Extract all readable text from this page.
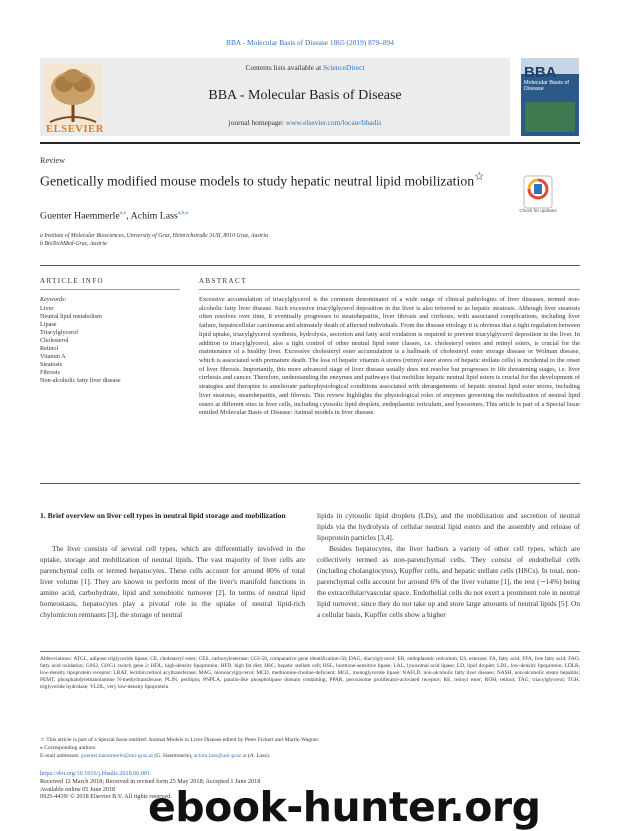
BBA - Molecular Basis of Disease 1865 (2019) 879–894
ELSEVIER
Contents lists available at ScienceDirect
BBA - Molecular Basis of Disease
journal homepage: www.elsevier.com/locate/bbadis
BBA
Molecular Basis of Disease
Review
Genetically modified mouse models to study hepatic neutral lipid mobilization☆
Check for updates
Guenter Haemmerle$^{a,⁎}$, Achim Lass$^{a,b,⁎}$
a Institute of Molecular Biosciences, University of Graz, Heinrichstraße 31/II, 8010 Graz, Austria
b BioTechMed-Graz, Austria
ARTICLE INFO	ABSTRACT
Keywords:
Liver
Neutral lipid metabolism
Lipase
Triacylglycerol
Cholesterol
Retinol
Vitamin A
Steatosis
Fibrosis
Non-alcoholic fatty liver disease
Excessive accumulation of triacylglycerol is the common denominator of a wide range of clinical pathologies of liver diseases, termed non-alcoholic fatty liver disease. Such excessive triacylglycerol deposition in the liver is also referred to as hepatic steatosis. Although liver steatosis often resolves over time, it eventually progresses to steatohepatitis, liver fibrosis and cirrhosis, with associated complications, including liver failure, hepatocellular carcinoma and ultimately death of affected individuals. From the disease etiology it is obvious that a tight regulation between lipid uptake, triacylglycerol synthesis, hydrolysis, secretion and fatty acid oxidation is required to prevent triacylglycerol deposition in the liver. In addition to triacylglycerol, also a tight control of other neutral lipid ester classes, i.e. cholesteryl esters and retinyl esters, is crucial for the maintenance of a healthy liver. Excessive cholesteryl ester accumulation is a hallmark of cholesteryl ester storage disease or Wolman disease, which is associated with premature death. The loss of hepatic vitamin A stores (retinyl ester stores of hepatic stellate cells) is incidental to the onset of liver fibrosis. Importantly, this more advanced stage of liver disease usually does not resolve but progresses to life threatening stages, i.e. liver cirrhosis and cancer. Therefore, understanding the enzymes and pathways that mobilize hepatic neutral lipid esters is crucial for the development of strategies and therapies to ameliorate pathophysiological conditions associated with derangements of hepatic neutral lipid ester stores, including liver steatosis, steatohepatitis, and fibrosis. This review highlights the physiological roles of enzymes governing the mobilization of neutral lipid esters at different sites in liver cells, including cytosolic lipid droplets, endoplasmic reticulum, and lysosomes. This article is part of a Special Issue entitled Molecular Basis of Disease: Animal models in liver disease.
1. Brief overview on liver cell types in neutral lipid storage and mobilization

The liver consists of several cell types, which are differentially involved in the uptake, storage and mobilization of neutral lipids. The vast majority of liver cells are parenchymal cells or termed hepatocytes. These cells account for around 80% of total liver volume [1]. They are known to perform most of the liver's manifold functions in amino acid, carbohydrate, lipid and xenobiotic turnover [2]. In terms of neutral lipid homeostasis, hepatocytes play a pivotal role in the uptake of neutral lipid-rich chylomicron remnants [3], the storage of neutral

lipids in cytosolic lipid droplets (LDs), and the mobilization and secretion of neutral lipids via the hydrolysis of cellular neutral lipid esters and the assembly and release of lipoprotein particles [3,4].

Besides hepatocytes, the liver harbors a variety of other cell types, which are collectively termed as non-parenchymal cells. They consist of endothelial cells (including cholangiocytes), Kupffer cells, and hepatic stellate cells (HSCs). In total, non-parenchymal cells account for around 6% of the liver volume [1], the rest (∼14%) being the extracellular/vascular space. Endothelial cells do not exert a prominent role in neutral lipid turnover, since they do not take up and store large amounts of neutral lipids [5]. On a cellular basis, Kupffer cells show a higher

Abbreviations: ATGL, adipose triglyceride lipase; CE, cholesteryl ester; CES, carboxylesterase; CGI-58, comparative gene identification-58; DAG, diacylglycerol; ER, endoplasmic reticulum; ES, esterase; FA, fatty acid; FFA, free fatty acid; FAO, fatty acid oxidation; G0S2, G0/G1 switch gene 2; HDL, high-density lipoprotein; HFD, high fat diet; HSC, hepatic stellate cell; HSL, hormone-sensitive lipase; LAL, lysosomal acid lipase; LD, lipid droplet; LDL, low-density lipoprotein; LDLR, low-density lipoprotein receptor; LRAT, lecithin:retinol acyltransferase; MAG, monoacylglycerol; MCD, methionine-choline-deficient; MGL, monoglyceride lipase; NAFLD, non-alcoholic fatty liver disease; NASH, non-alcoholic steato hepatitis; PEMT, phosphatidylethanolamine N-methyltransferase; PLIN, perilipin; PNPLA, patatin-like phospholipase domain containing; PPAR, peroxisome proliferator-activated receptor; RE, retinyl ester; ROH, retinol; TAG, triacylglycerol; TGH, triglyceride hydrolase; VLDL, very low-density lipoprotein
☆ This article is part of a Special Issue entitled: Animal Models in Liver Disease edited by Peter Fickert and Martin Wagner.
⁎ Corresponding authors.
E-mail addresses: guenter.haemmerle@uni-graz.at (G. Haemmerle), achim.lass@uni-graz.at (A. Lass).
https://doi.org/10.1016/j.bbadis.2018.06.001
Received 12 March 2018; Received in revised form 25 May 2018; Accepted 1 June 2018
Available online 05 June 2018
0925-4439/ © 2018 Elsevier B.V. All rights reserved.
ebook-hunter.org
